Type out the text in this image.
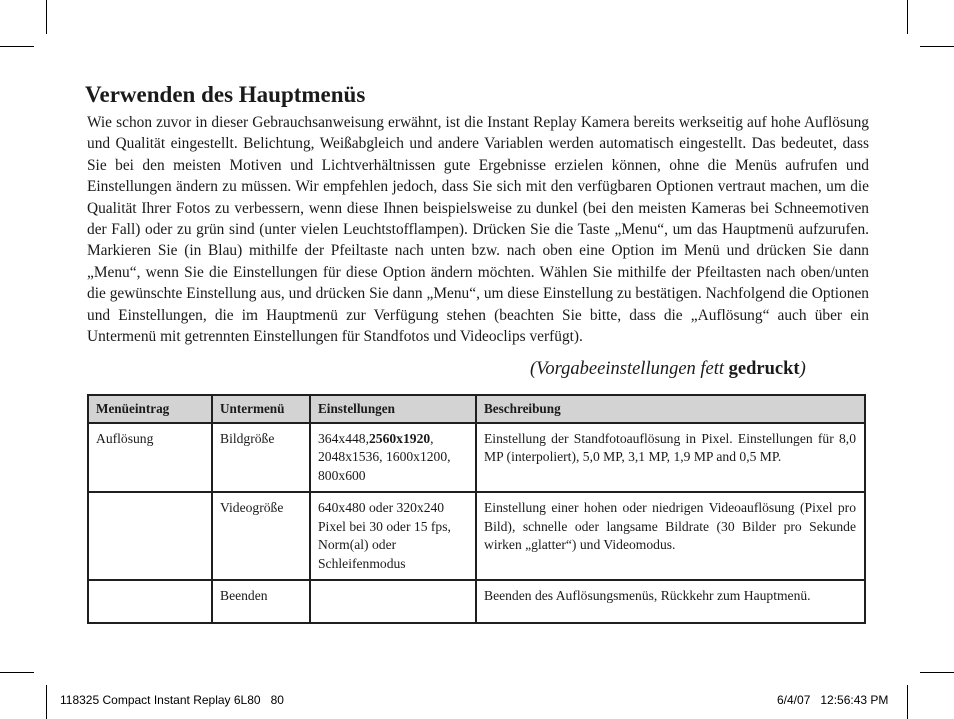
Verwenden des Hauptmenüs

Wie schon zuvor in dieser Gebrauchsanweisung erwähnt, ist die Instant Replay Kamera bereits werkseitig auf hohe Auflösung und Qualität eingestellt. Belichtung, Weißabgleich und andere Variablen werden automatisch eingestellt. Das bedeutet, dass Sie bei den meisten Motiven und Lichtverhältnissen gute Ergebnisse erzielen können, ohne die Menüs aufrufen und Einstellungen ändern zu müssen. Wir empfehlen jedoch, dass Sie sich mit den verfügbaren Optionen vertraut machen, um die Qualität Ihrer Fotos zu verbessern, wenn diese Ihnen beispielsweise zu dunkel (bei den meisten Kameras bei Schneemotiven der Fall) oder zu grün sind (unter vielen Leuchtstofflampen). Drücken Sie die Taste „Menu“, um das Hauptmenü aufzurufen. Markieren Sie (in Blau) mithilfe der Pfeiltaste nach unten bzw. nach oben eine Option im Menü und drücken Sie dann „Menu“, wenn Sie die Einstellungen für diese Option ändern möchten. Wählen Sie mithilfe der Pfeiltasten nach oben/unten die gewünschte Einstellung aus, und drücken Sie dann „Menu“, um diese Einstellung zu bestätigen. Nachfolgend die Optionen und Einstellungen, die im Hauptmenü zur Verfügung stehen (beachten Sie bitte, dass die „Auflösung“ auch über ein Untermenü mit getrennten Einstellungen für Standfotos und Videoclips verfügt).

(Vorgabeeinstellungen fett gedruckt)
Menüeintrag	Untermenü	Einstellungen	Beschreibung
Auflösung	Bildgröße	364x448,2560x1920, 2048x1536, 1600x1200, 800x600	Einstellung der Standfotoauflösung in Pixel. Einstellungen für 8,0 MP (interpoliert), 5,0 MP, 3,1 MP, 1,9 MP and 0,5 MP.
	Videogröße	640x480 oder 320x240 Pixel bei 30 oder 15 fps, Norm(al) oder Schleifenmodus	Einstellung einer hohen oder niedrigen Videoauflösung (Pixel pro Bild), schnelle oder langsame Bildrate (30 Bilder pro Sekunde wirken „glatter“) und Videomodus.
	Beenden		Beenden des Auflösungsmenüs, Rückkehr zum Hauptmenü.
118325 Compact Instant Replay 6L80   80	6/4/07   12:56:43 PM
